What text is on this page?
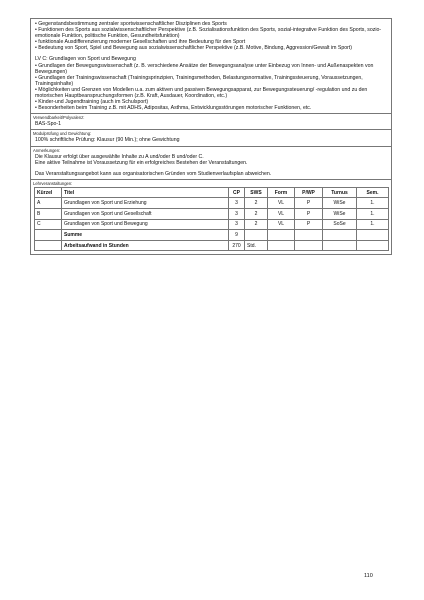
• Gegenstandsbestimmung zentraler sportwissenschaftlicher Disziplinen des Sports

• Funktionen des Sports aus sozialwissenschaftlicher Perspektive (z.B. Sozialisationsfunktion des Sports, sozial-integrative Funktion des Sports, sozio-emotionale Funktion, politische Funktion, Gesundheitsfunktion)

• funktionale Ausdifferenzierung moderner Gesellschaften und ihre Bedeutung für den Sport

• Bedeutung von Sport, Spiel und Bewegung aus sozialwissenschaftlicher Perspektive (z.B. Motive, Bindung, Aggression/Gewalt im Sport)

LV C: Grundlagen von Sport und Bewegung

• Grundlagen der Bewegungswissenschaft (z. B. verschiedene Ansätze der Bewegungsanalyse unter Einbezug von Innen- und Außenaspekten von Bewegungen)

• Grundlagen der Trainingswissenschaft (Trainingsprinzipien, Trainingsmethoden, Belastungsnormative, Trainingssteuerung, Voraussetzungen, Trainingsinhalte)

• Möglichkeiten und Grenzen von Modellen u.a. zum aktiven und passiven Bewegungsapparat, zur Bewegungssteuerung/ -regulation und zu den motorischen Hauptbeanspruchungsformen (z.B. Kraft, Ausdauer, Koordination, etc.)

• Kinder-und Jugendtraining (auch im Schulsport)

• Besonderheiten beim Training z.B. mit ADHS, Adipositas, Asthma, Entwicklungsstörungen motorischer Funktionen, etc.

Verwendbarkeit/Polyvalenz:
BAS-Spo-1
Modulprüfung und Gewichtung:
100% schriftliche Prüfung: Klausur (90 Min.); ohne Gewichtung
Anmerkungen:

Die Klausur erfolgt über ausgewählte Inhalte zu A und/oder B und/oder C.

Eine aktive Teilnahme ist Voraussetzung für ein erfolgreiches Bestehen der Veranstaltungen.

Das Veranstaltungsangebot kann aus organisatorischen Gründen vom Studienverlaufsplan abweichen.

Lehrveranstaltungen:
Kürzel	Titel	CP	SWS	Form	P/WP	Turnus	Sem.
A	Grundlagen von Sport und Erziehung	3	2	VL	P	WiSe	1.
B	Grundlagen von Sport und Gesellschaft	3	2	VL	P	WiSe	1.
C	Grundlagen von Sport und Bewegung	3	2	VL	P	SoSe	1.
	Summe	9					
	Arbeitsaufwand in Stunden	270	Std.				
110
